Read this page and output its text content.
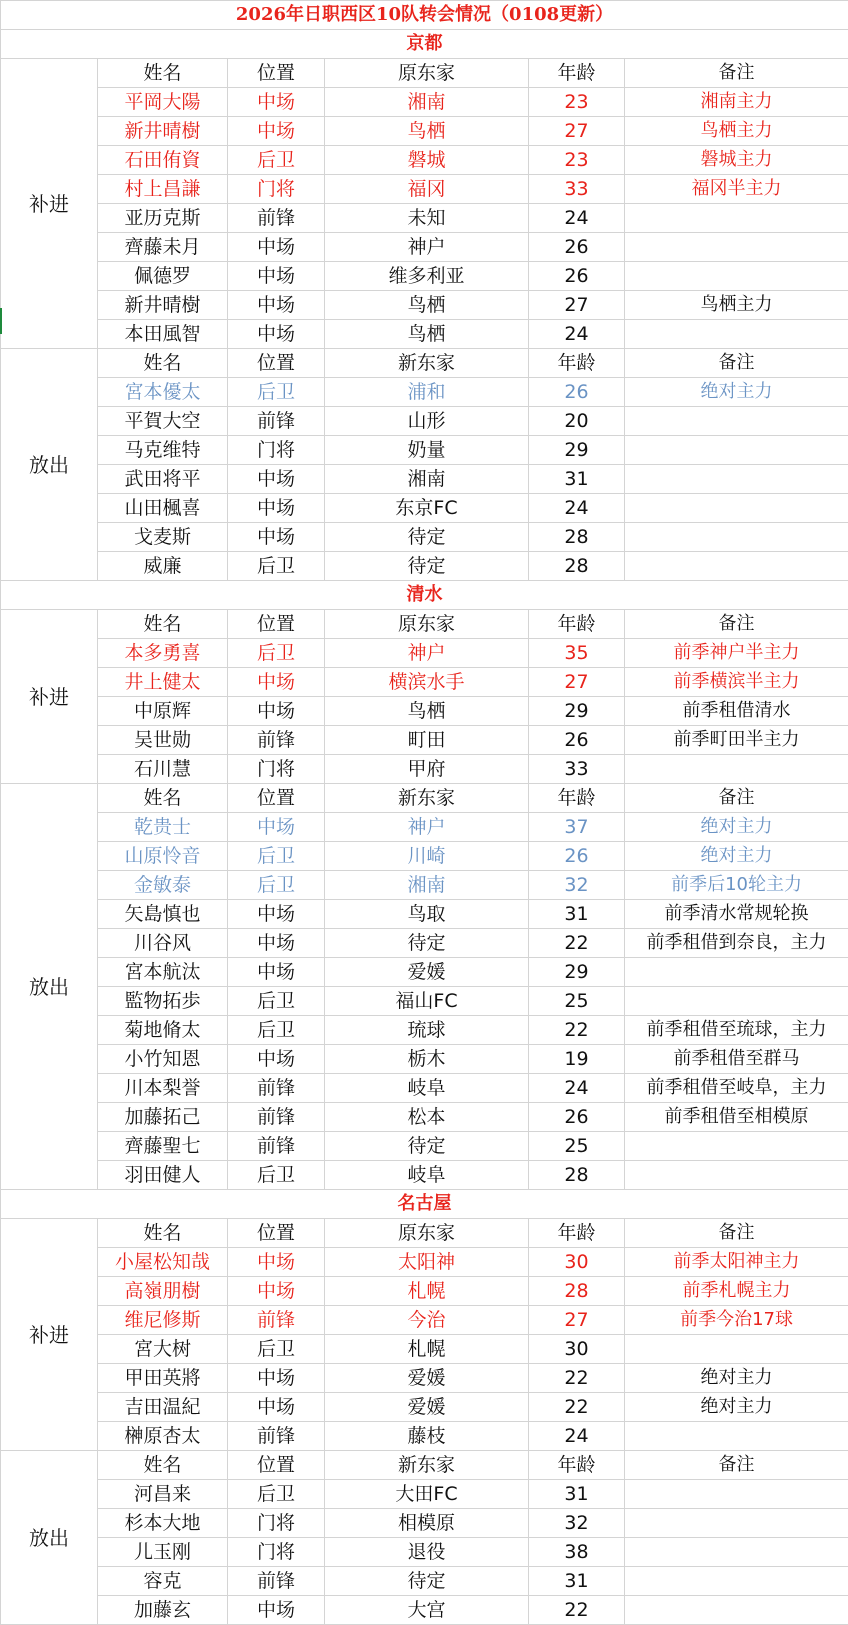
2026年日职西区10队转会情况（0108更新）					
京都					
补进	姓名	位置	原东家	年龄	备注
	平岡大陽	中场	湘南	23	湘南主力
	新井晴樹	中场	鸟栖	27	鸟栖主力
	石田侑資	后卫	磐城	23	磐城主力
	村上昌謙	门将	福冈	33	福冈半主力
	亚历克斯	前锋	未知	24	
	齊藤未月	中场	神户	26	
	佩德罗	中场	维多利亚	26	
	新井晴樹	中场	鸟栖	27	鸟栖主力
	本田風智	中场	鸟栖	24	
放出	姓名	位置	新东家	年龄	备注
	宮本優太	后卫	浦和	26	绝对主力
	平賀大空	前锋	山形	20	
	马克维特	门将	奶量	29	
	武田将平	中场	湘南	31	
	山田楓喜	中场	东京FC	24	
	戈麦斯	中场	待定	28	
	威廉	后卫	待定	28	
清水					
补进	姓名	位置	原东家	年龄	备注
	本多勇喜	后卫	神户	35	前季神户半主力
	井上健太	中场	横滨水手	27	前季横滨半主力
	中原辉	中场	鸟栖	29	前季租借清水
	吴世勋	前锋	町田	26	前季町田半主力
	石川慧	门将	甲府	33	
放出	姓名	位置	新东家	年龄	备注
	乾贵士	中场	神户	37	绝对主力
	山原怜音	后卫	川崎	26	绝对主力
	金敏泰	后卫	湘南	32	前季后10轮主力
	矢島慎也	中场	鸟取	31	前季清水常规轮换
	川谷风	中场	待定	22	前季租借到奈良，主力
	宮本航汰	中场	爱媛	29	
	監物拓歩	后卫	福山FC	25	
	菊地脩太	后卫	琉球	22	前季租借至琉球，主力
	小竹知恩	中场	栃木	19	前季租借至群马
	川本梨誉	前锋	岐阜	24	前季租借至岐阜，主力
	加藤拓己	前锋	松本	26	前季租借至相模原
	齊藤聖七	前锋	待定	25	
	羽田健人	后卫	岐阜	28	
名古屋					
补进	姓名	位置	原东家	年龄	备注
	小屋松知哉	中场	太阳神	30	前季太阳神主力
	高嶺朋樹	中场	札幌	28	前季札幌主力
	维尼修斯	前锋	今治	27	前季今治17球
	宮大树	后卫	札幌	30	
	甲田英將	中场	爱媛	22	绝对主力
	吉田温紀	中场	爱媛	22	绝对主力
	榊原杏太	前锋	藤枝	24	
放出	姓名	位置	新东家	年龄	备注
	河昌来	后卫	大田FC	31	
	杉本大地	门将	相模原	32	
	儿玉刚	门将	退役	38	
	容克	前锋	待定	31	
	加藤玄	中场	大宫	22	
